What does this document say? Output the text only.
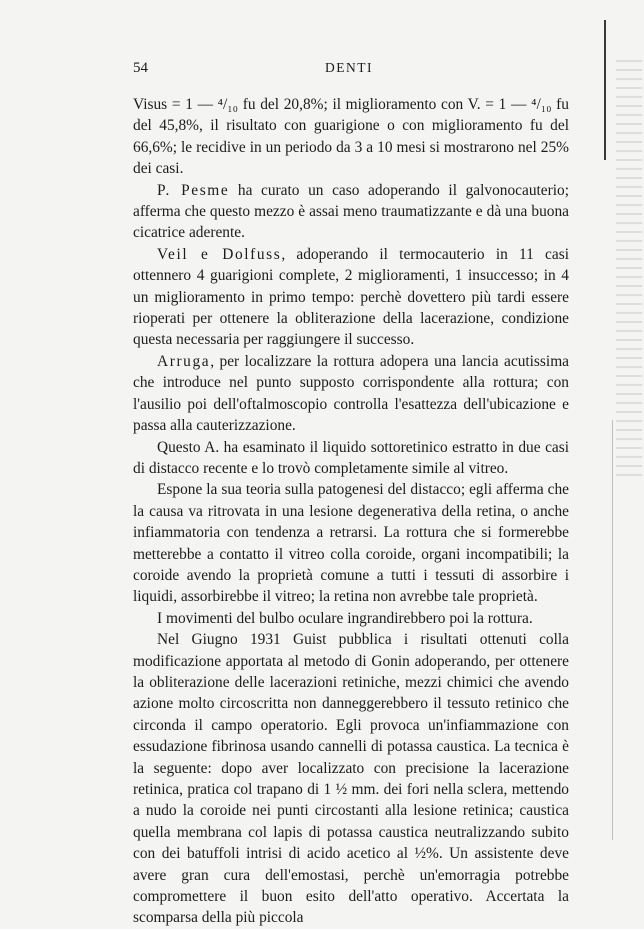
54	DENTI

Visus = 1 — ⁴/₁₀ fu del 20,8%; il miglioramento con V. = 1 — ⁴/₁₀ fu del 45,8%, il risultato con guarigione o con miglioramento fu del 66,6%; le recidive in un periodo da 3 a 10 mesi si mostrarono nel 25% dei casi.

P. Pesme ha curato un caso adoperando il galvonocauterio; afferma che questo mezzo è assai meno traumatizzante e dà una buona cicatrice aderente.

Veil e Dolfuss, adoperando il termocauterio in 11 casi ottennero 4 guarigioni complete, 2 miglioramenti, 1 insuccesso; in 4 un miglioramento in primo tempo: perchè dovettero più tardi essere rioperati per ottenere la obliterazione della lacerazione, condizione questa necessaria per raggiungere il successo.

Arruga, per localizzare la rottura adopera una lancia acutissima che introduce nel punto supposto corrispondente alla rottura; con l'ausilio poi dell'oftalmoscopio controlla l'esattezza dell'ubicazione e passa alla cauterizzazione.

Questo A. ha esaminato il liquido sottoretinico estratto in due casi di distacco recente e lo trovò completamente simile al vitreo.

Espone la sua teoria sulla patogenesi del distacco; egli afferma che la causa va ritrovata in una lesione degenerativa della retina, o anche infiammatoria con tendenza a retrarsi. La rottura che si formerebbe metterebbe a contatto il vitreo colla coroide, organi incompatibili; la coroide avendo la proprietà comune a tutti i tessuti di assorbire i liquidi, assorbirebbe il vitreo; la retina non avrebbe tale proprietà.

I movimenti del bulbo oculare ingrandirebbero poi la rottura.

Nel Giugno 1931 Guist pubblica i risultati ottenuti colla modificazione apportata al metodo di Gonin adoperando, per ottenere la obliterazione delle lacerazioni retiniche, mezzi chimici che avendo azione molto circoscritta non danneggerebbero il tessuto retinico che circonda il campo operatorio. Egli provoca un'infiammazione con essudazione fibrinosa usando cannelli di potassa caustica. La tecnica è la seguente: dopo aver localizzato con precisione la lacerazione retinica, pratica col trapano di 1 ½ mm. dei fori nella sclera, mettendo a nudo la coroide nei punti circostanti alla lesione retinica; caustica quella membrana col lapis di potassa caustica neutralizzando subito con dei batuffoli intrisi di acido acetico al ½%. Un assistente deve avere gran cura dell'emostasi, perchè un'emorragia potrebbe compromettere il buon esito dell'atto operativo. Accertata la scomparsa della più piccola
